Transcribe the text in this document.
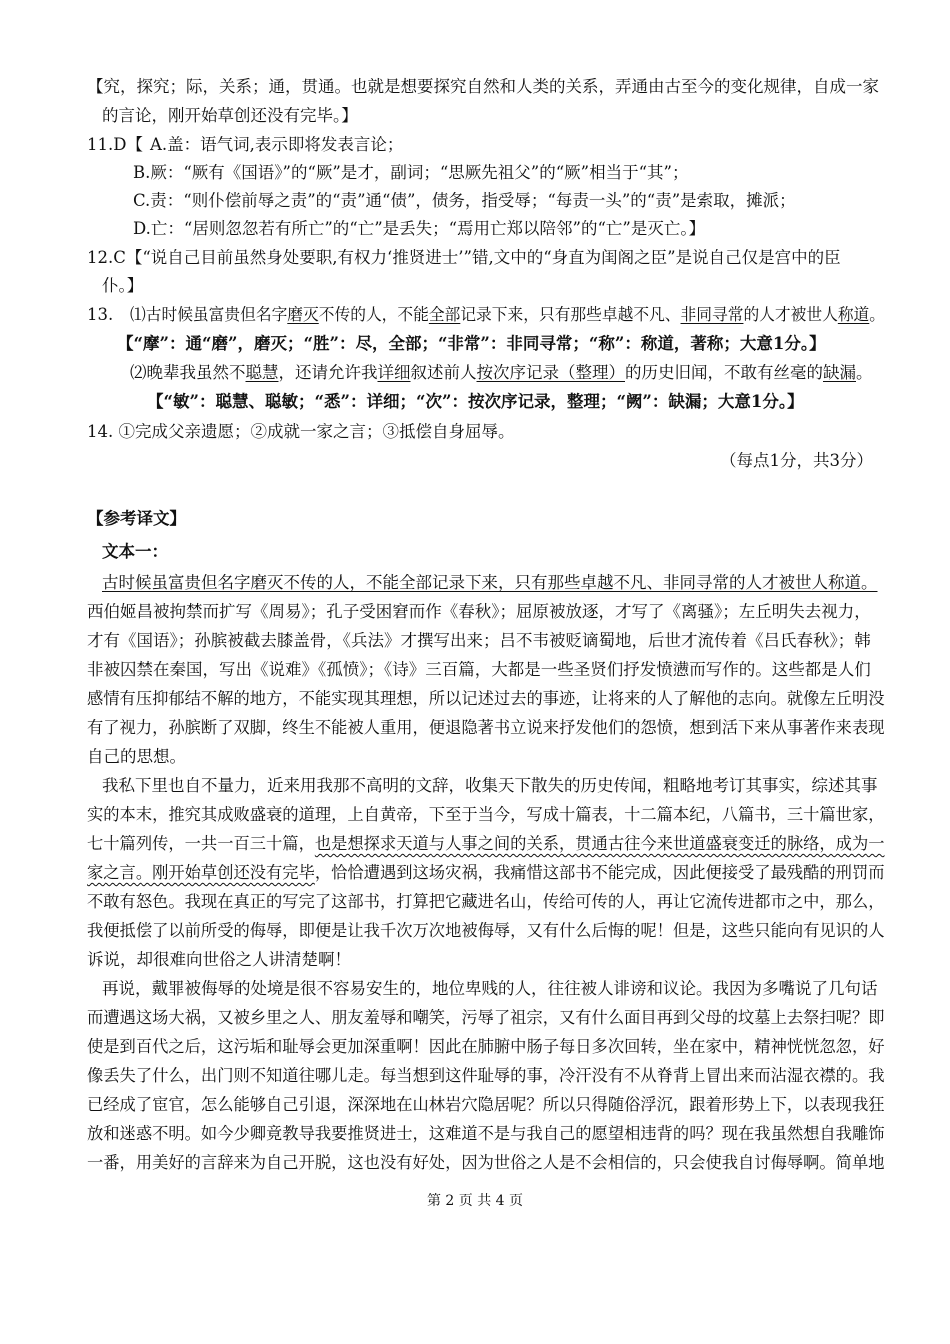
【究，探究；际，关系；通，贯通。也就是想要探究自然和人类的关系，弄通由古至今的变化规律，自成一家
的言论，刚开始草创还没有完毕。】
11.D【 A.盖：语气词,表示即将发表言论；
B.厥：“厥有《国语》”的“厥”是才，副词；“思厥先祖父”的“厥”相当于“其”；
C.责：“则仆偿前辱之责”的“责”通“债”，债务，指受辱；“每责一头”的“责”是索取，摊派；
D.亡：“居则忽忽若有所亡”的“亡”是丢失；“焉用亡郑以陪邻”的“亡”是灭亡。】
12.C【“说自己目前虽然身处要职,有权力‘推贤进士’”错,文中的“身直为闺阁之臣”是说自己仅是宫中的臣
仆。】
13. ⑴古时候虽富贵但名字磨灭不传的人，不能全部记录下来，只有那些卓越不凡、非同寻常的人才被世人称道。
【“摩”：通“磨”，磨灭；“胜”：尽，全部；“非常”：非同寻常；“称”：称道，著称；大意1分。】
⑵晚辈我虽然不聪慧，还请允许我详细叙述前人按次序记录（整理）的历史旧闻，不敢有丝毫的缺漏。
【“敏”：聪慧、聪敏；“悉”：详细；“次”：按次序记录，整理；“阙”：缺漏；大意1分。】
14. ①完成父亲遗愿；②成就一家之言；③抵偿自身屈辱。
（每点1分，共3分）
【参考译文】
文本一：
古时候虽富贵但名字磨灭不传的人，不能全部记录下来，只有那些卓越不凡、非同寻常的人才被世人称道。
西伯姬昌被拘禁而扩写《周易》；孔子受困窘而作《春秋》；屈原被放逐，才写了《离骚》；左丘明失去视力，
才有《国语》；孙膑被截去膝盖骨，《兵法》才撰写出来；吕不韦被贬谪蜀地，后世才流传着《吕氏春秋》；韩
非被囚禁在秦国，写出《说难》《孤愤》；《诗》三百篇，大都是一些圣贤们抒发愤懑而写作的。这些都是人们
感情有压抑郁结不解的地方，不能实现其理想，所以记述过去的事迹，让将来的人了解他的志向。就像左丘明没
有了视力，孙膑断了双脚，终生不能被人重用，便退隐著书立说来抒发他们的怨愤，想到活下来从事著作来表现
自己的思想。
我私下里也自不量力，近来用我那不高明的文辞，收集天下散失的历史传闻，粗略地考订其事实，综述其事
实的本末，推究其成败盛衰的道理，上自黄帝，下至于当今，写成十篇表，十二篇本纪，八篇书，三十篇世家，
七十篇列传，一共一百三十篇，也是想探求天道与人事之间的关系，贯通古往今来世道盛衰变迁的脉络，成为一
家之言。刚开始草创还没有完毕，恰恰遭遇到这场灾祸，我痛惜这部书不能完成，因此便接受了最残酷的刑罚而
不敢有怒色。我现在真正的写完了这部书，打算把它藏进名山，传给可传的人，再让它流传进都市之中，那么，
我便抵偿了以前所受的侮辱，即便是让我千次万次地被侮辱，又有什么后悔的呢！但是，这些只能向有见识的人
诉说，却很难向世俗之人讲清楚啊！
再说，戴罪被侮辱的处境是很不容易安生的，地位卑贱的人，往往被人诽谤和议论。我因为多嘴说了几句话
而遭遇这场大祸，又被乡里之人、朋友羞辱和嘲笑，污辱了祖宗，又有什么面目再到父母的坟墓上去祭扫呢？即
使是到百代之后，这污垢和耻辱会更加深重啊！因此在肺腑中肠子每日多次回转，坐在家中，精神恍恍忽忽，好
像丢失了什么，出门则不知道往哪儿走。每当想到这件耻辱的事，冷汗没有不从脊背上冒出来而沾湿衣襟的。我
已经成了宦官，怎么能够自己引退，深深地在山林岩穴隐居呢？所以只得随俗浮沉，跟着形势上下，以表现我狂
放和迷惑不明。如今少卿竟教导我要推贤进士，这难道不是与我自己的愿望相违背的吗？现在我虽然想自我雕饰
一番，用美好的言辞来为自己开脱，这也没有好处，因为世俗之人是不会相信的，只会使我自讨侮辱啊。简单地
第 2 页 共 4 页
